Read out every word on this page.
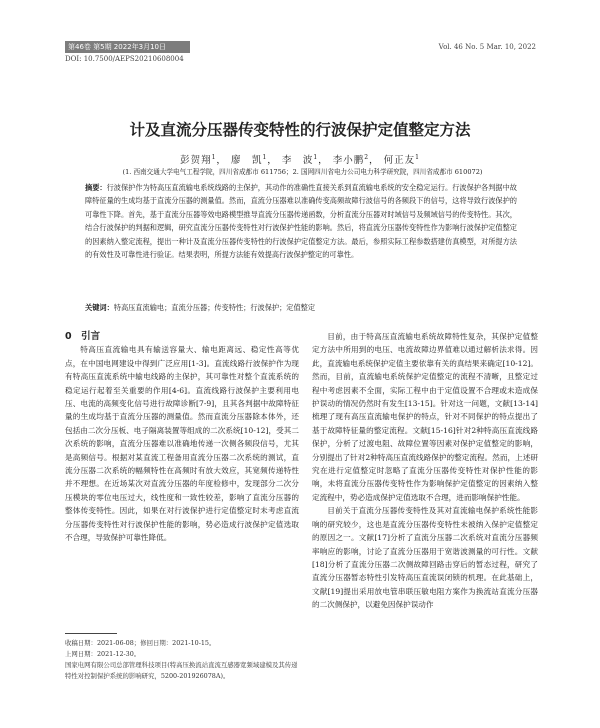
第46卷 第5期 2022年3月10日	Vol. 46 No. 5 Mar. 10, 2022
DOI: 10.7500/AEPS20210608004
计及直流分压器传变特性的行波保护定值整定方法
彭贺翔$^1$， 廖　凯$^1$， 李　波$^1$， 李小鹏$^2$， 何正友$^1$
(1. 西南交通大学电气工程学院，四川省成都市 611756；2. 国网四川省电力公司电力科学研究院，四川省成都市 610072)

摘要：行波保护作为特高压直流输电系统线路的主保护，其动作的准确性直接关系到直流输电系统的安全稳定运行。行波保护各判据中故障特征量的生成均基于直流分压器的测量值。然而，直流分压器难以准确传变高频故障行波信号的各频段下的信号，这将导致行波保护的可靠性下降。首先，基于直流分压器等效电路模型推导直流分压器传递函数，分析直流分压器对时域信号及频域信号的传变特性。其次，结合行波保护的判据和逻辑，研究直流分压器传变特性对行波保护性能的影响。然后，将直流分压器传变特性作为影响行波保护定值整定的因素纳入整定流程，提出一种计及直流分压器传变特性的行波保护定值整定方法。最后，参照实际工程参数搭建仿真模型，对所提方法的有效性及可靠性进行验证。结果表明，所提方法能有效提高行波保护整定的可靠性。

关键词：特高压直流输电；直流分压器；传变特性；行波保护；定值整定

0　引言

特高压直流输电具有输送容量大、输电距离远、稳定性高等优点，在中国电网建设中得到广泛应用[1-3]。直流线路行波保护作为现有特高压直流系统中输电线路的主保护，其可靠性对整个直流系统的稳定运行起着至关重要的作用[4-6]。直流线路行波保护主要利用电压、电流的高频变化信号进行故障诊断[7-9]，且其各判据中故障特征量的生成均基于直流分压器的测量值。然而直流分压器除本体外，还包括由二次分压板、电子隔离装置等组成的二次系统[10-12]，受其二次系统的影响，直流分压器难以准确地传递一次侧各频段信号，尤其是高频信号。根据对某直流工程备用直流分压器二次系统的测试，直流分压器二次系统的幅频特性在高频时有放大效应，其宽频传递特性并不理想。在近场某次对直流分压器的年度检修中，发现部分二次分压模块的零位电压过大，线性度和一致性较差，影响了直流分压器的整体传变特性。因此，如果在对行波保护进行定值整定时未考虑直流分压器传变特性对行波保护性能的影响，势必造成行波保护定值选取不合理，导致保护可靠性降低。

目前，由于特高压直流输电系统故障特性复杂，其保护定值整定方法中所用到的电压、电流故障边界值难以通过解析法求得。因此，直流输电系统保护定值主要依靠有关的真结果来确定[10-12]。然而，目前，直流输电系统保护定值整定的流程不清晰，且整定过程中考虑因素不全面，实际工程中由于定值设置不合理或未造成保护误动的情况仍然时有发生[13-15]。针对这一问题，文献[13-14]梳理了现有高压直流输电保护的特点，针对不同保护的特点提出了基于故障特征量的整定流程。文献[15-16]针对2种特高压直流线路保护，分析了过渡电阻、故障位置等因素对保护定值整定的影响，分别提出了针对2种特高压直流线路保护的整定流程。然而，上述研究在进行定值整定时忽略了直流分压器传变特性对保护性能的影响，未将直流分压器传变特性作为影响保护定值整定的因素纳入整定流程中，势必造成保护定值选取不合理，进而影响保护性能。

目前关于直流分压器传变特性及其对直流输电保护系统性能影响的研究较少，这也是直流分压器传变特性未被纳入保护定值整定的原因之一。文献[17]分析了直流分压器二次系统对直流分压器频率响应的影响，讨论了直流分压器用于宽谐波测量的可行性。文献[18]分析了直流分压器二次侧故障回路击穿后的暂态过程，研究了直流分压器暂态特性引发特高压直流误闭锁的机理。在此基础上，文献[19]提出采用放电管串联压敏电阻方案作为换流站直流分压器的二次侧保护，以避免因保护误动作

收稿日期：2021-06-08；修回日期：2021-10-15。

上网日期：2021-12-30。

国家电网有限公司总部管理科技项目(特高压换流站直流互感器宽频域建模及其传递特性对控制保护系统的影响研究，5200-201926078A)。
